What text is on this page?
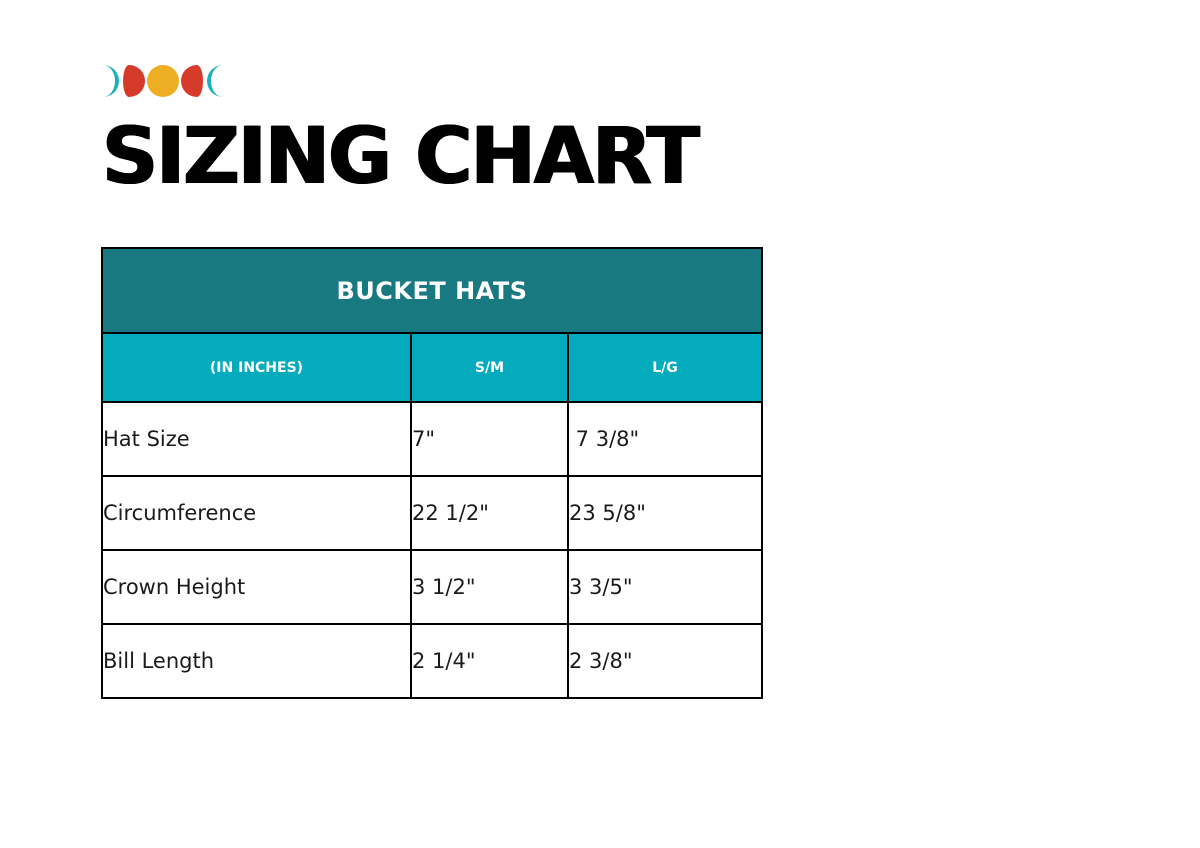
SIZING CHART
BUCKET HATS		
(IN INCHES)	S/M	L/G
Hat Size	7"	7 3/8"
Circumference	22 1/2"	23 5/8"
Crown Height	3 1/2"	3 3/5"
Bill Length	2 1/4"	2 3/8"
